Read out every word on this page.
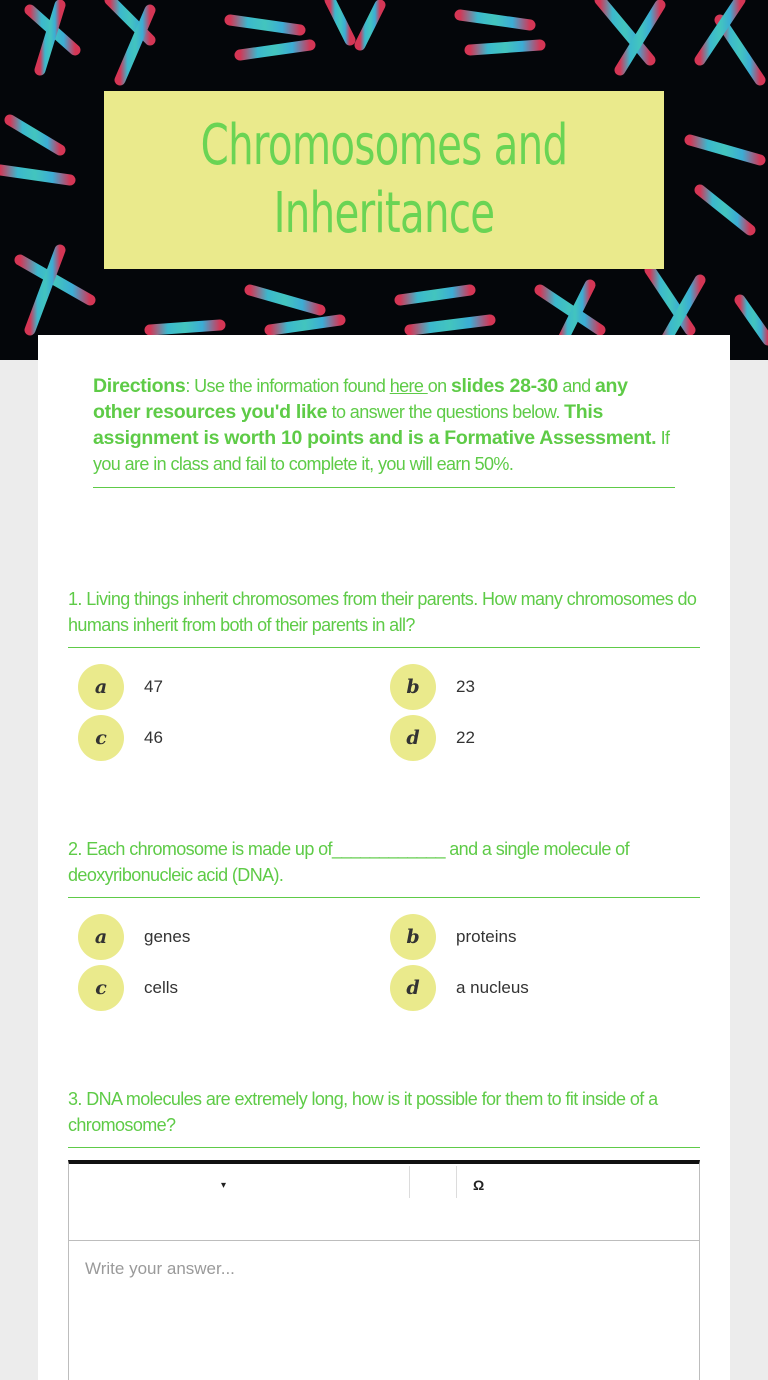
Chromosomes and Inheritance
Directions: Use the information found here on slides 28-30 and any other resources you'd like to answer the questions below. This assignment is worth 10 points and is a Formative Assessment. If you are in class and fail to complete it, you will earn 50%.
1. Living things inherit chromosomes from their parents. How many chromosomes do humans inherit from both of their parents in all?
a	47	b	23
c	46	d	22
2. Each chromosome is made up of____________ and a single molecule of deoxyribonucleic acid (DNA).
a	genes	b	proteins
c	cells	d	a nucleus
3. DNA molecules are extremely long, how is it possible for them to fit inside of a chromosome?
▾	Ω
Write your answer...
